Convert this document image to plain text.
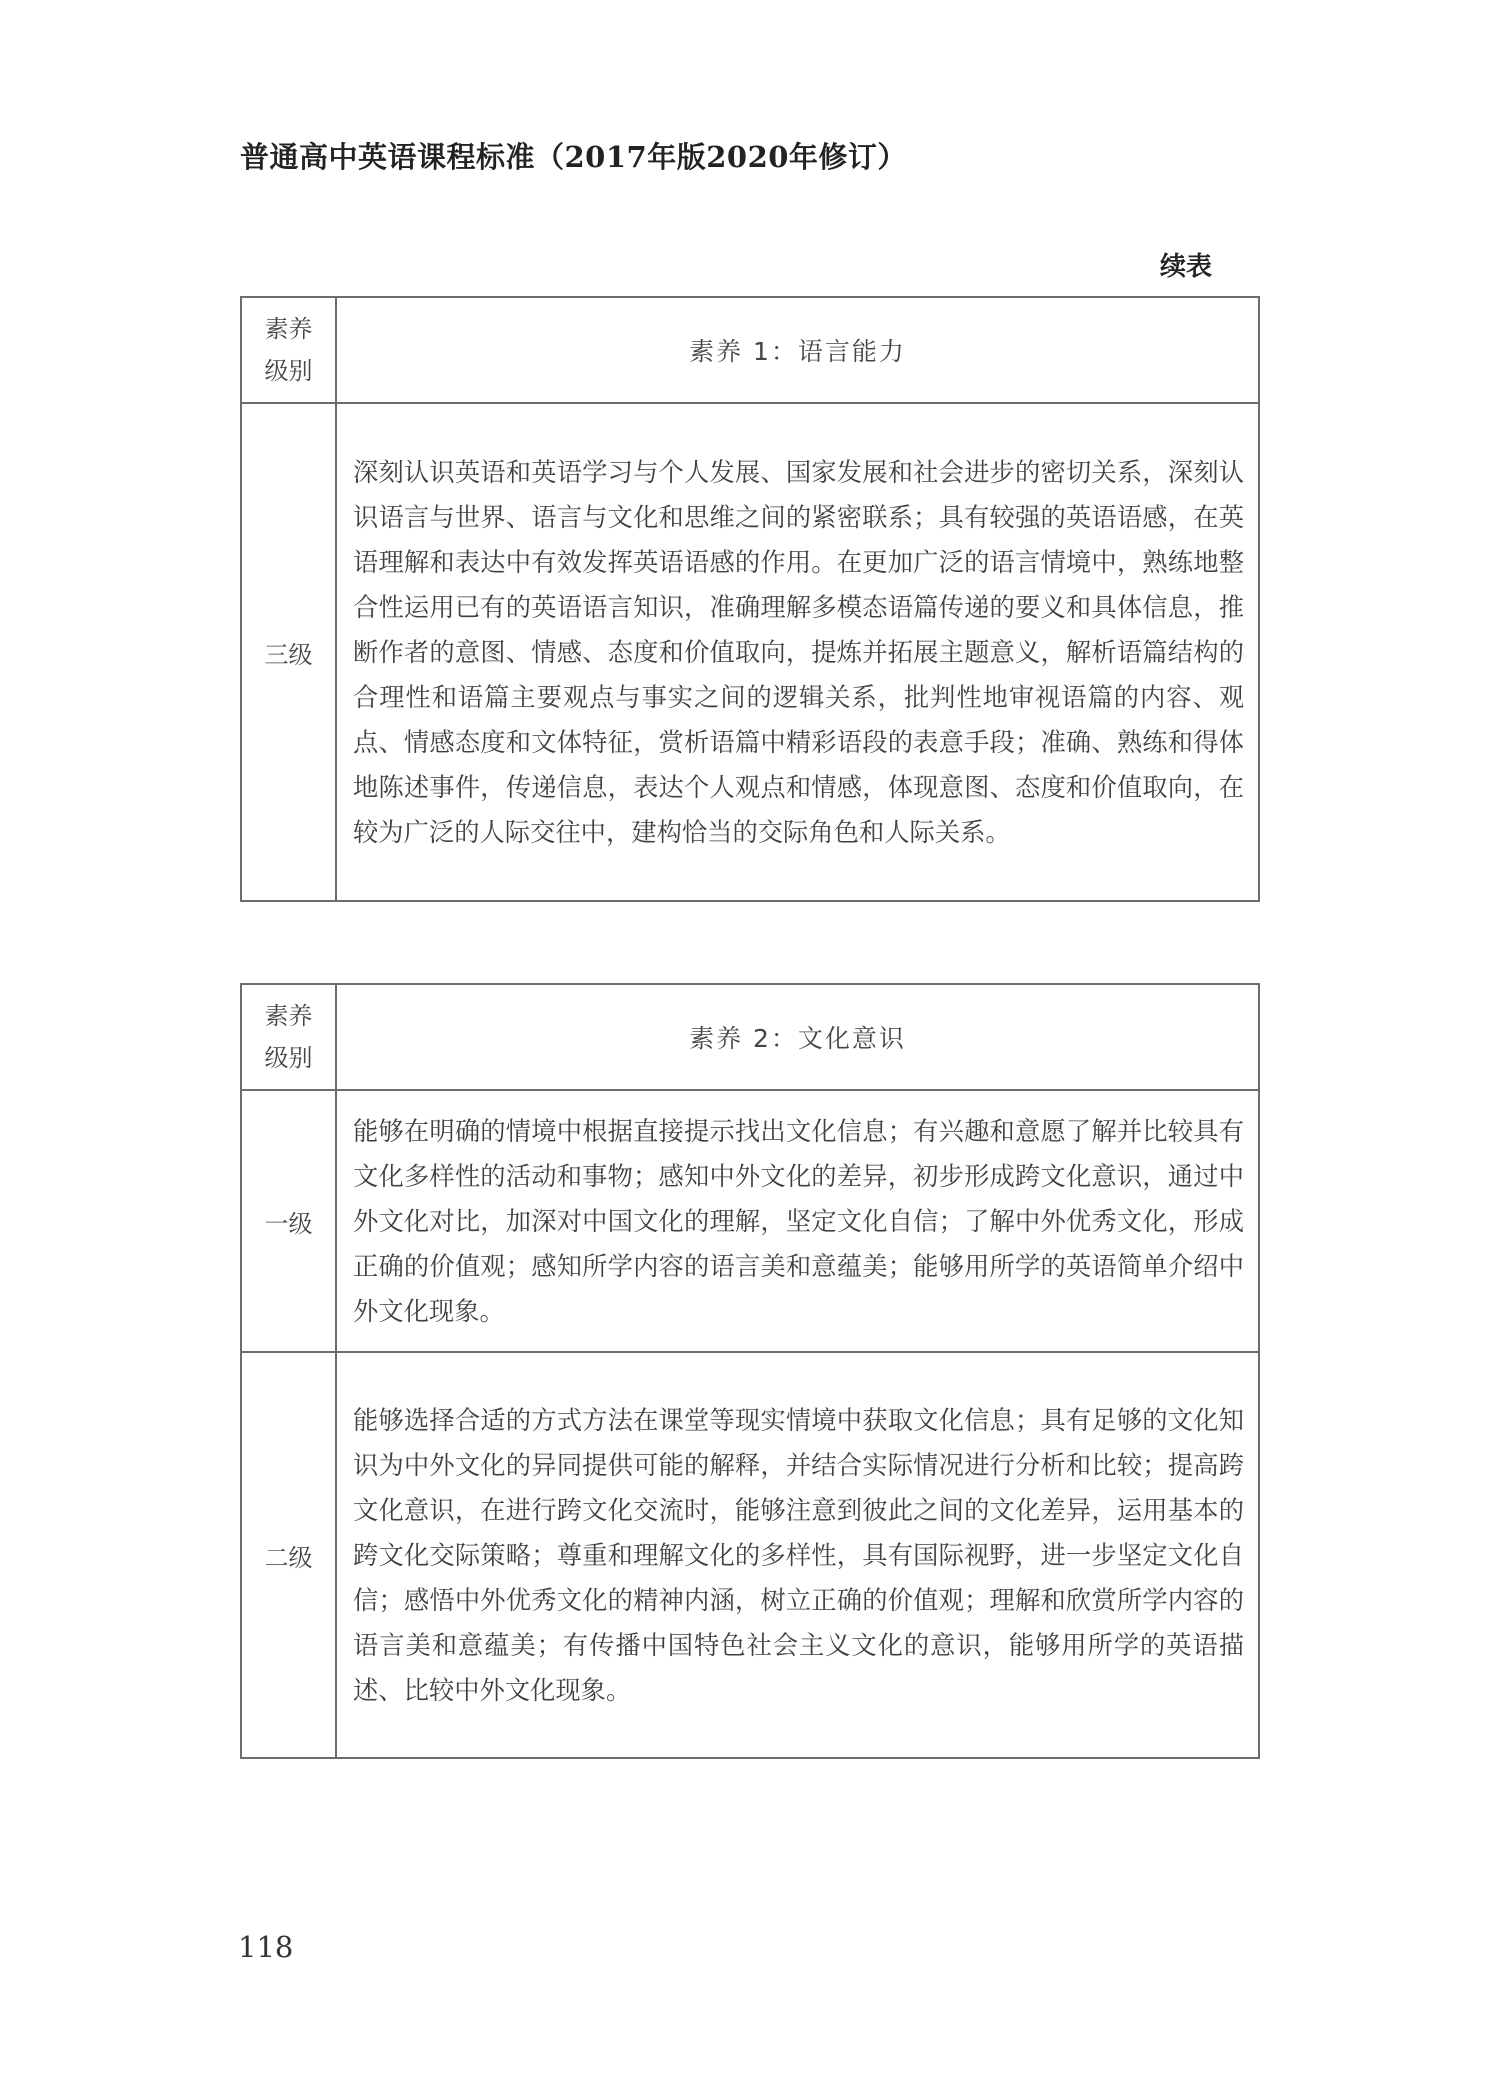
普通高中英语课程标准（2017年版2020年修订）
续表
素养
级别	素养 1：语言能力
三级	深刻认识英语和英语学习与个人发展、国家发展和社会进步的密切关系，深刻认识语言与世界、语言与文化和思维之间的紧密联系；具有较强的英语语感，在英语理解和表达中有效发挥英语语感的作用。在更加广泛的语言情境中，熟练地整合性运用已有的英语语言知识，准确理解多模态语篇传递的要义和具体信息，推断作者的意图、情感、态度和价值取向，提炼并拓展主题意义，解析语篇结构的合理性和语篇主要观点与事实之间的逻辑关系，批判性地审视语篇的内容、观点、情感态度和文体特征，赏析语篇中精彩语段的表意手段；准确、熟练和得体地陈述事件，传递信息，表达个人观点和情感，体现意图、态度和价值取向，在较为广泛的人际交往中，建构恰当的交际角色和人际关系。
素养
级别	素养 2：文化意识
一级	能够在明确的情境中根据直接提示找出文化信息；有兴趣和意愿了解并比较具有文化多样性的活动和事物；感知中外文化的差异，初步形成跨文化意识，通过中外文化对比，加深对中国文化的理解，坚定文化自信；了解中外优秀文化，形成正确的价值观；感知所学内容的语言美和意蕴美；能够用所学的英语简单介绍中外文化现象。
二级	能够选择合适的方式方法在课堂等现实情境中获取文化信息；具有足够的文化知识为中外文化的异同提供可能的解释，并结合实际情况进行分析和比较；提高跨文化意识，在进行跨文化交流时，能够注意到彼此之间的文化差异，运用基本的跨文化交际策略；尊重和理解文化的多样性，具有国际视野，进一步坚定文化自信；感悟中外优秀文化的精神内涵，树立正确的价值观；理解和欣赏所学内容的语言美和意蕴美；有传播中国特色社会主义文化的意识，能够用所学的英语描述、比较中外文化现象。
118
